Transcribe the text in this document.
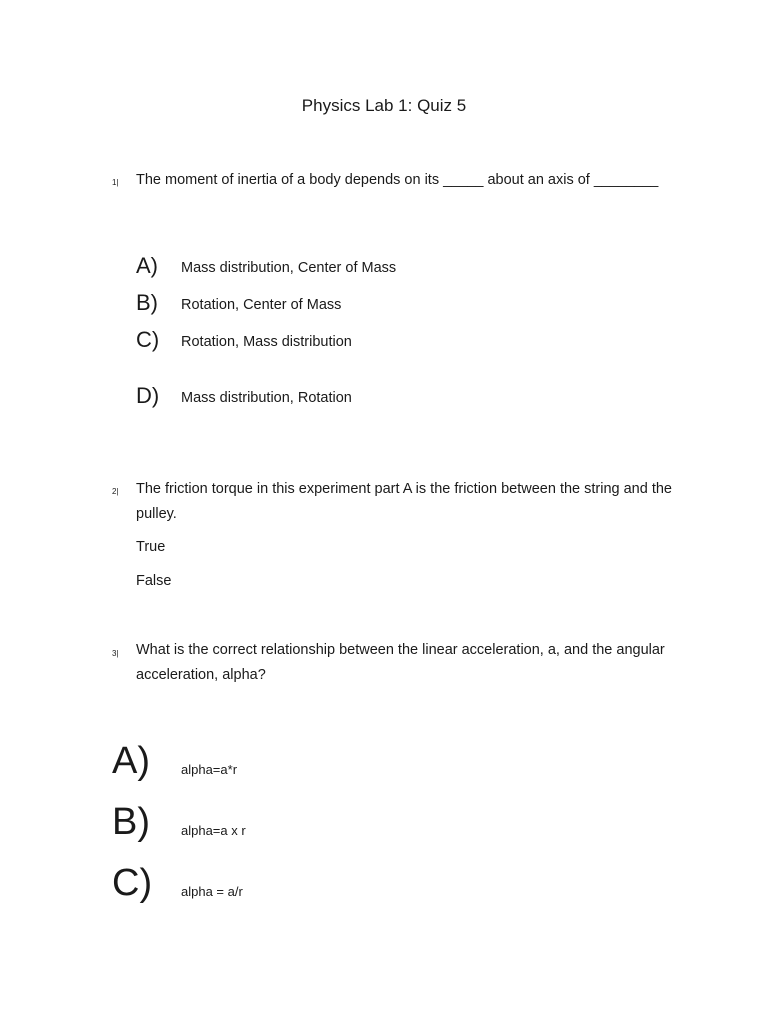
Physics Lab 1: Quiz 5
1| The moment of inertia of a body depends on its _____ about an axis of ________

A) Mass distribution, Center of Mass
B) Rotation, Center of Mass
C) Rotation, Mass distribution
D) Mass distribution, Rotation
2| The friction torque in this experiment part A is the friction between the string and the pulley.

True
False
3| What is the correct relationship between the linear acceleration, a, and the angular acceleration, alpha?

A) alpha=a*r
B) alpha=a x r
C) alpha = a/r
